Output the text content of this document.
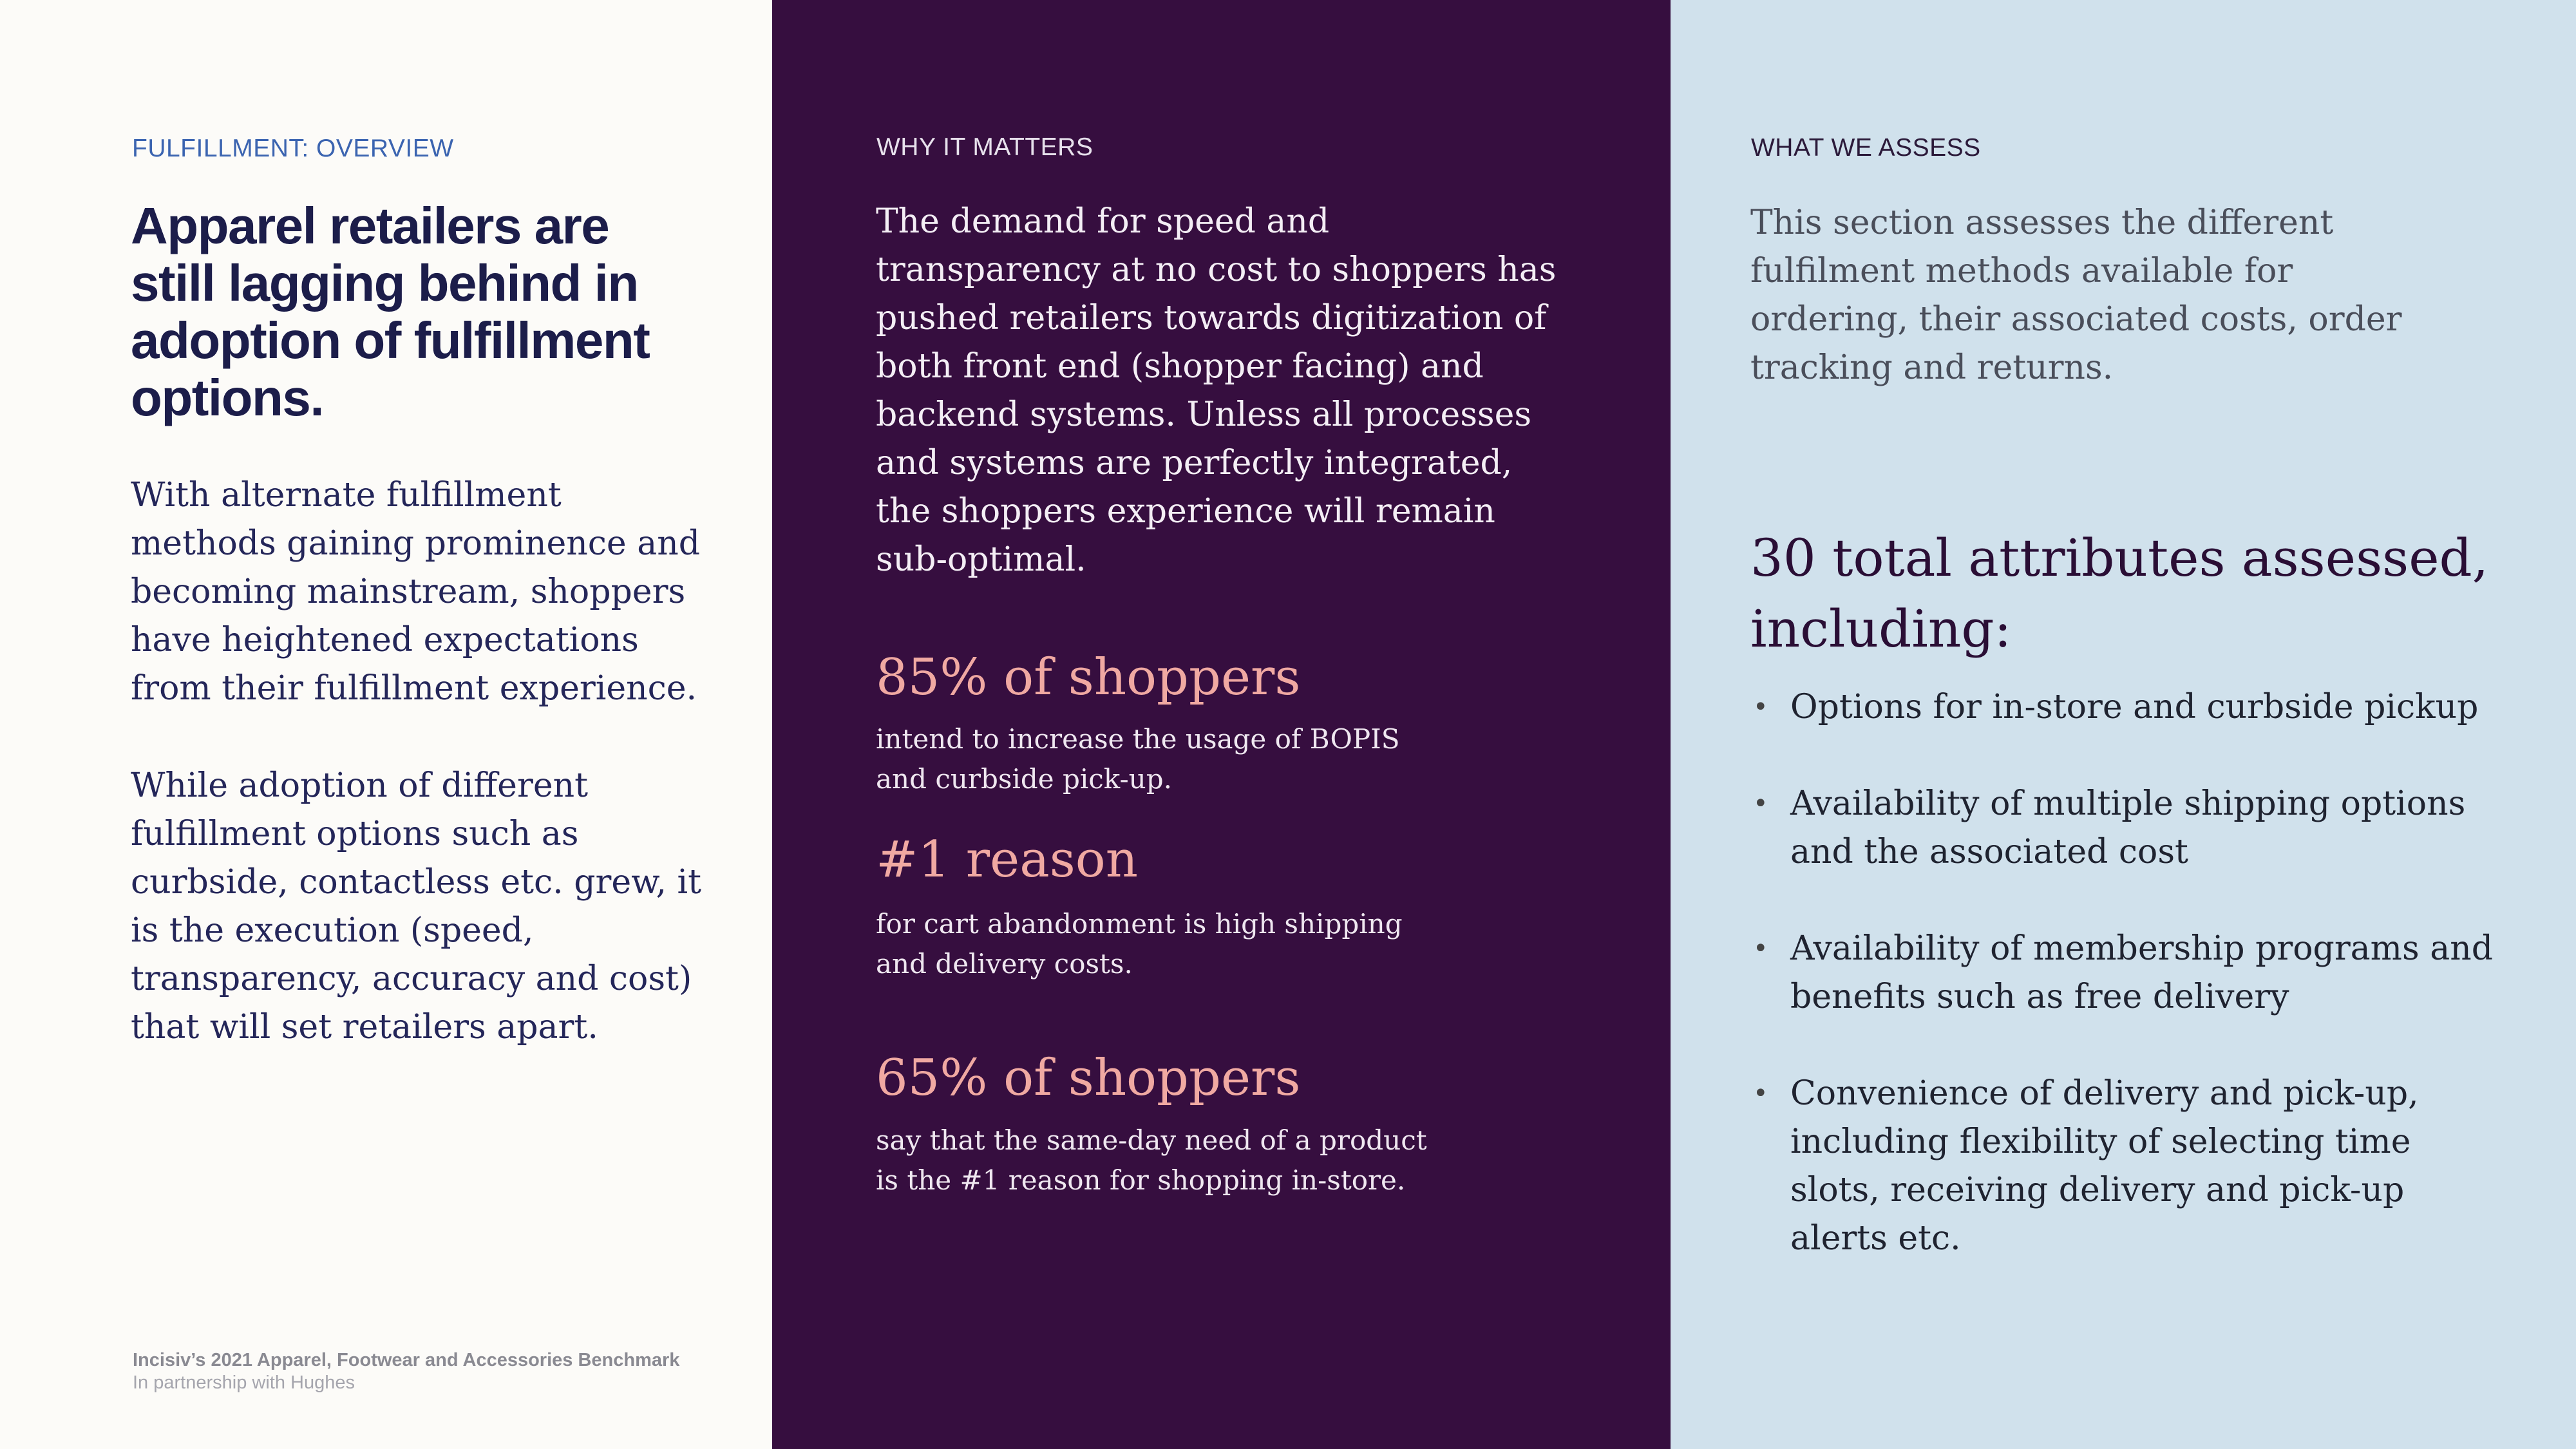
FULFILLMENT: OVERVIEW
Apparel retailers are still lagging behind in adoption of fulfillment options.

With alternate fulfillment methods gaining prominence and becoming mainstream, shoppers have heightened expectations from their fulfillment experience.

While adoption of different fulfillment options such as curbside, contactless etc. grew, it is the execution (speed, transparency, accuracy and cost) that will set retailers apart.

Incisiv’s 2021 Apparel, Footwear and Accessories Benchmark
In partnership with Hughes
WHY IT MATTERS

The demand for speed and transparency at no cost to shoppers has pushed retailers towards digitization of both front end (shopper facing) and backend systems. Unless all processes and systems are perfectly integrated, the shoppers experience will remain sub-optimal.

85% of shoppers

intend to increase the usage of BOPIS and curbside pick-up.

#1 reason

for cart abandonment is high shipping and delivery costs.

65% of shoppers

say that the same-day need of a product is the #1 reason for shopping in-store.

WHAT WE ASSESS

This section assesses the different fulfilment methods available for ordering, their associated costs, order tracking and returns.

30 total attributes assessed, including:
• Options for in-store and curbside pickup
• Availability of multiple shipping options and the associated cost
• Availability of membership programs and benefits such as free delivery
• Convenience of delivery and pick-up, including flexibility of selecting time slots, receiving delivery and pick-up alerts etc.
